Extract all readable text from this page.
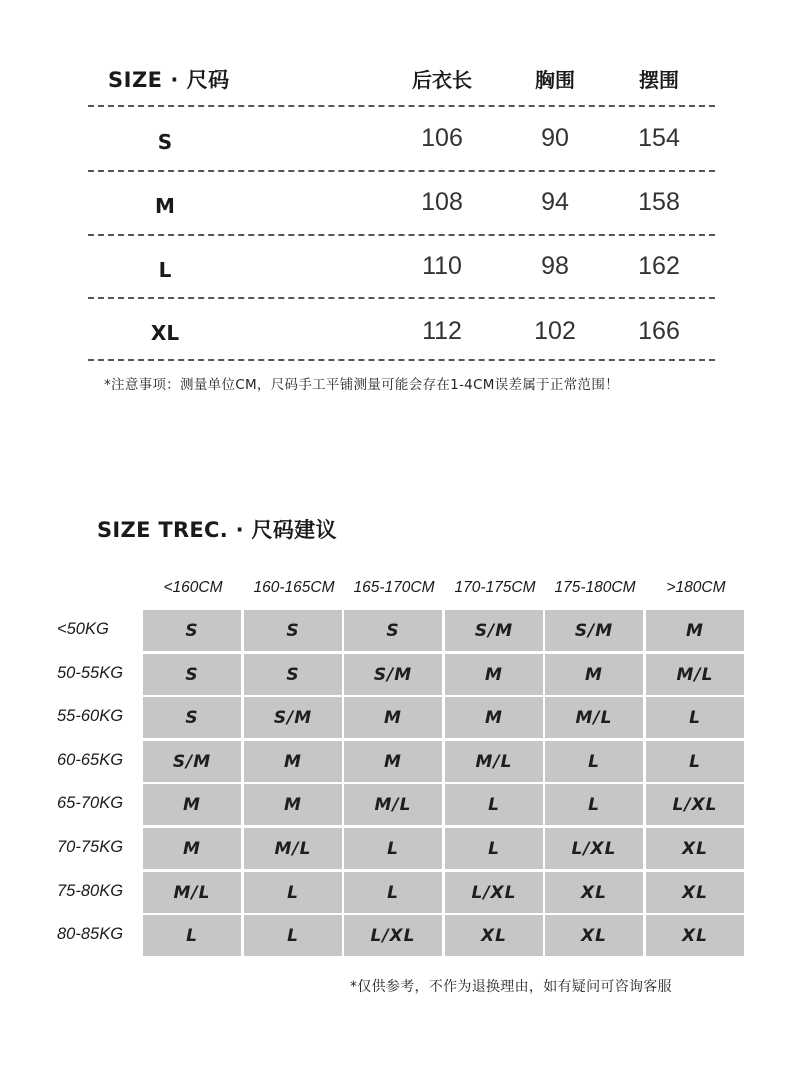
SIZE · 尺码	后衣长	胸围	摆围
S	106	90	154
M	108	94	158
L	110	98	162
XL	112	102	166
*注意事项：测量单位CM，尺码手工平铺测量可能会存在1-4CM误差属于正常范围！
SIZE TREC. · 尺码建议
<160CM	160-165CM	165-170CM	170-175CM	175-180CM	>180CM
<50KG	S	S	S	S/M	S/M	M
50-55KG	S	S	S/M	M	M	M/L
55-60KG	S	S/M	M	M	M/L	L
60-65KG	S/M	M	M	M/L	L	L
65-70KG	M	M	M/L	L	L	L/XL
70-75KG	M	M/L	L	L	L/XL	XL
75-80KG	M/L	L	L	L/XL	XL	XL
80-85KG	L	L	L/XL	XL	XL	XL
*仅供参考，不作为退换理由，如有疑问可咨询客服
